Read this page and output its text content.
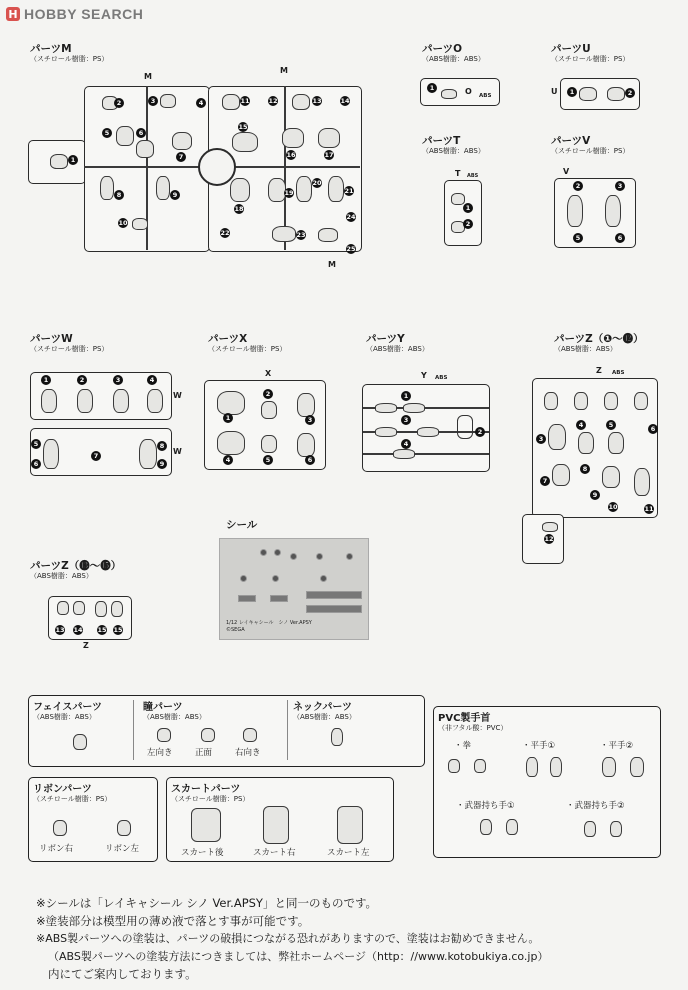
H HOBBY SEARCH
パーツM
（スチロール樹脂：PS）
1
M
M
M
2	3	4
5	6
7
8	9
10
11	12	13	14
15
16	17
18
19
20
21
22	23
24
25
パーツO
（ABS樹脂：ABS）
1	O ABS
パーツU
（スチロール樹脂：PS）
U	1	2
パーツT
（ABS樹脂：ABS）
T ABS
1
2
パーツV
（スチロール樹脂：PS）
V
2	3
5	6
パーツW
（スチロール樹脂：PS）
1	2	3	4
W
5
6
7
8
9
W
パーツX
（スチロール樹脂：PS）
X
1
2
3
4	5	6
パーツY
（ABS樹脂：ABS）
Y ABS
1
3
4
2
パーツZ（❶～⓬）
（ABS樹脂：ABS）
Z ABS
3
4	5	6
7
8
9
10	11
12
パーツZ（⓭～⓯）
（ABS樹脂：ABS）
13 14 15 15
Z
シール
1/12 レイキャシール　シノ Ver.APSY
©SEGA
フェイスパーツ
（ABS樹脂：ABS）
瞳パーツ
（ABS樹脂：ABS）
左向き	正面	右向き
ネックパーツ
（ABS樹脂：ABS）	PVC製手首
（非フタル酸：PVC）
・拳	・平手①	・平手②
・武器持ち手①	・武器持ち手②
リボンパーツ
（スチロール樹脂：PS）
リボン右	リボン左
スカートパーツ
（スチロール樹脂：PS）
スカート後	スカート右	スカート左
※シールは「レイキャシール シノ Ver.APSY」と同一のものです。
※塗装部分は模型用の薄め液で落とす事が可能です。
※ABS製パーツへの塗装は、パーツの破損につながる恐れがありますので、塗装はお勧めできません。
（ABS製パーツへの塗装方法につきましては、弊社ホームページ（http：//www.kotobukiya.co.jp）
内にてご案内しております。
